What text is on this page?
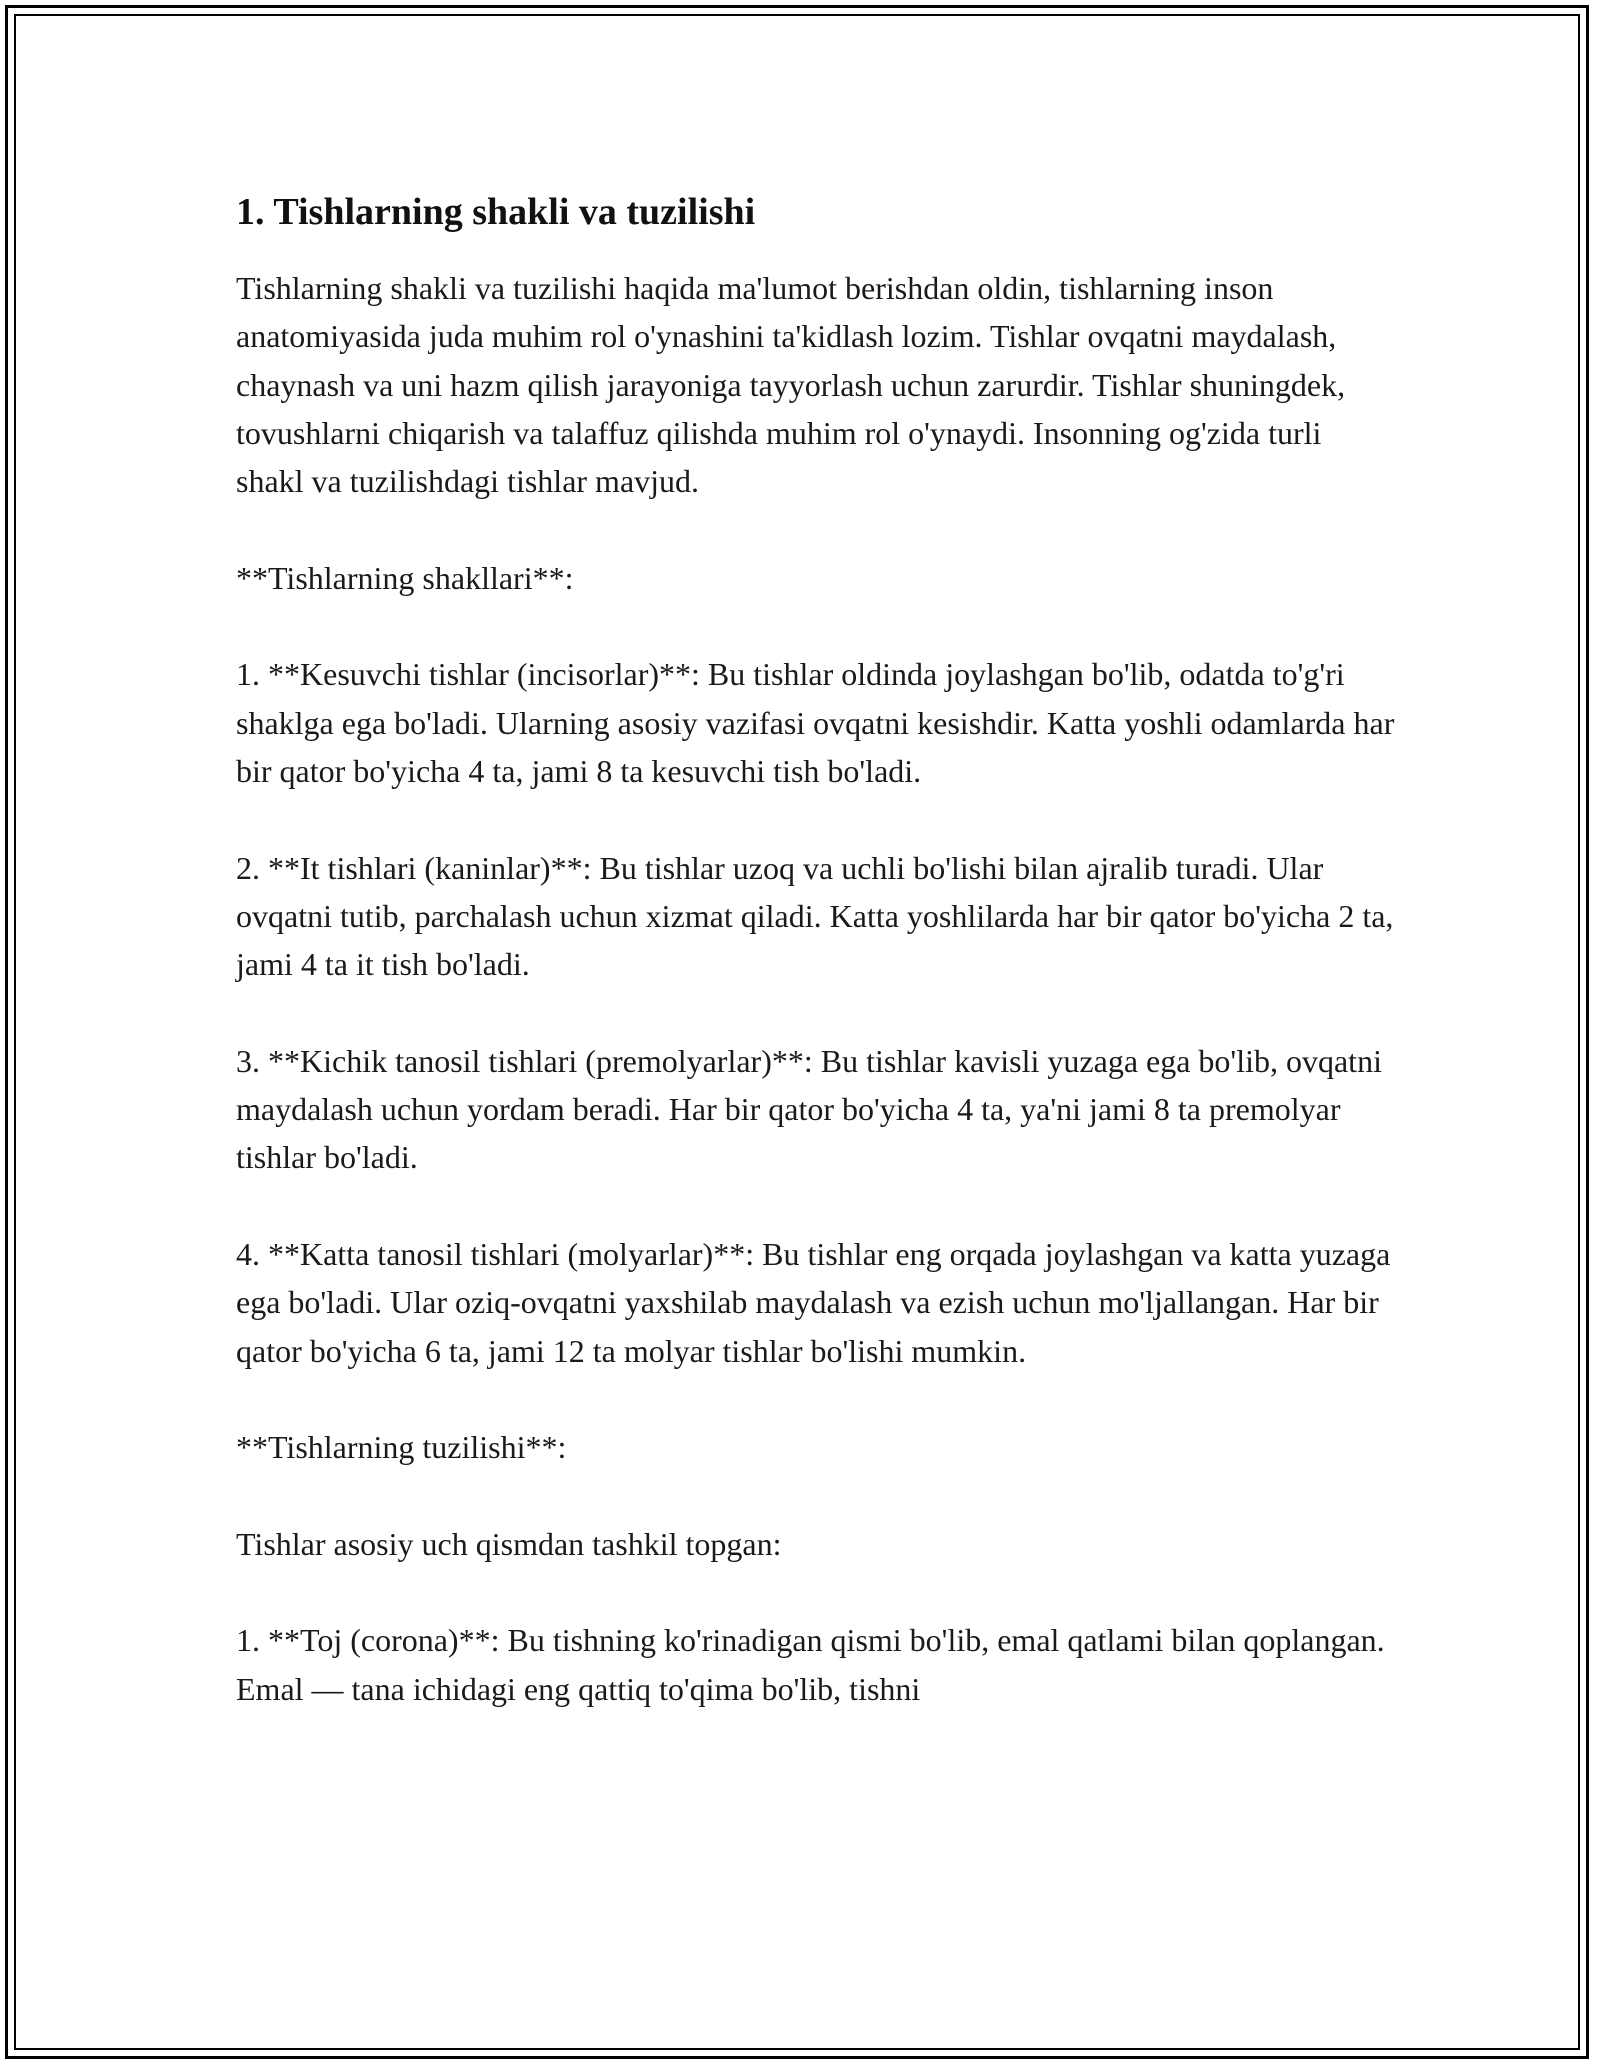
1. Tishlarning shakli va tuzilishi

Tishlarning shakli va tuzilishi haqida ma'lumot berishdan oldin, tishlarning inson anatomiyasida juda muhim rol o'ynashini ta'kidlash lozim. Tishlar ovqatni maydalash, chaynash va uni hazm qilish jarayoniga tayyorlash uchun zarurdir. Tishlar shuningdek, tovushlarni chiqarish va talaffuz qilishda muhim rol o'ynaydi. Insonning og'zida turli shakl va tuzilishdagi tishlar mavjud.

**Tishlarning shakllari**:

1. **Kesuvchi tishlar (incisorlar)**: Bu tishlar oldinda joylashgan bo'lib, odatda to'g'ri shaklga ega bo'ladi. Ularning asosiy vazifasi ovqatni kesishdir. Katta yoshli odamlarda har bir qator bo'yicha 4 ta, jami 8 ta kesuvchi tish bo'ladi.

2. **It tishlari (kaninlar)**: Bu tishlar uzoq va uchli bo'lishi bilan ajralib turadi. Ular ovqatni tutib, parchalash uchun xizmat qiladi. Katta yoshlilarda har bir qator bo'yicha 2 ta, jami 4 ta it tish bo'ladi.

3. **Kichik tanosil tishlari (premolyarlar)**: Bu tishlar kavisli yuzaga ega bo'lib, ovqatni maydalash uchun yordam beradi. Har bir qator bo'yicha 4 ta, ya'ni jami 8 ta premolyar tishlar bo'ladi.

4. **Katta tanosil tishlari (molyarlar)**: Bu tishlar eng orqada joylashgan va katta yuzaga ega bo'ladi. Ular oziq-ovqatni yaxshilab maydalash va ezish uchun mo'ljallangan. Har bir qator bo'yicha 6 ta, jami 12 ta molyar tishlar bo'lishi mumkin.

**Tishlarning tuzilishi**:

Tishlar asosiy uch qismdan tashkil topgan:

1. **Toj (corona)**: Bu tishning ko'rinadigan qismi bo'lib, emal qatlami bilan qoplangan. Emal — tana ichidagi eng qattiq to'qima bo'lib, tishni
